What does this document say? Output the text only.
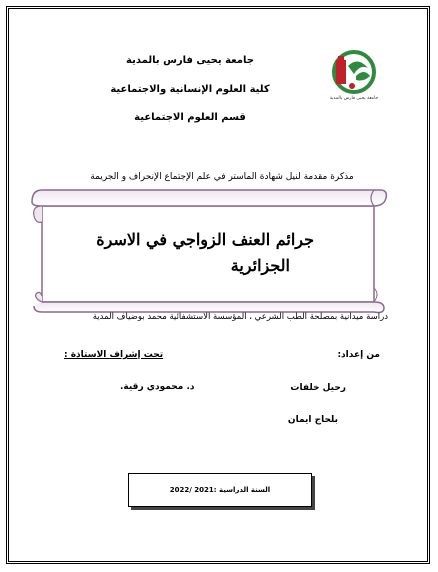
جامعة يحيى فارس بالمدية
كلية العلوم الإنسانية والاجتماعية
قسم العلوم الاجتماعية
جامعة يحيى فارس بالمدية
مذكرة مقدمة لنيل شهادة الماستر في علم الإجتماع الإنحراف و الجريمة
جرائم العنف الزواجي في الاسرة
الجزائرية
دراسة ميدانية بمصلحة الطب الشرعي ، المؤسسة الاستشفائية محمد بوضياف المدية
من إعداد:
تحت إشراف الاستاذة :
رحيل خلفات
د. محمودي رقية.
بلحاج ايمان
السنة الدراسية :2021 /2022
